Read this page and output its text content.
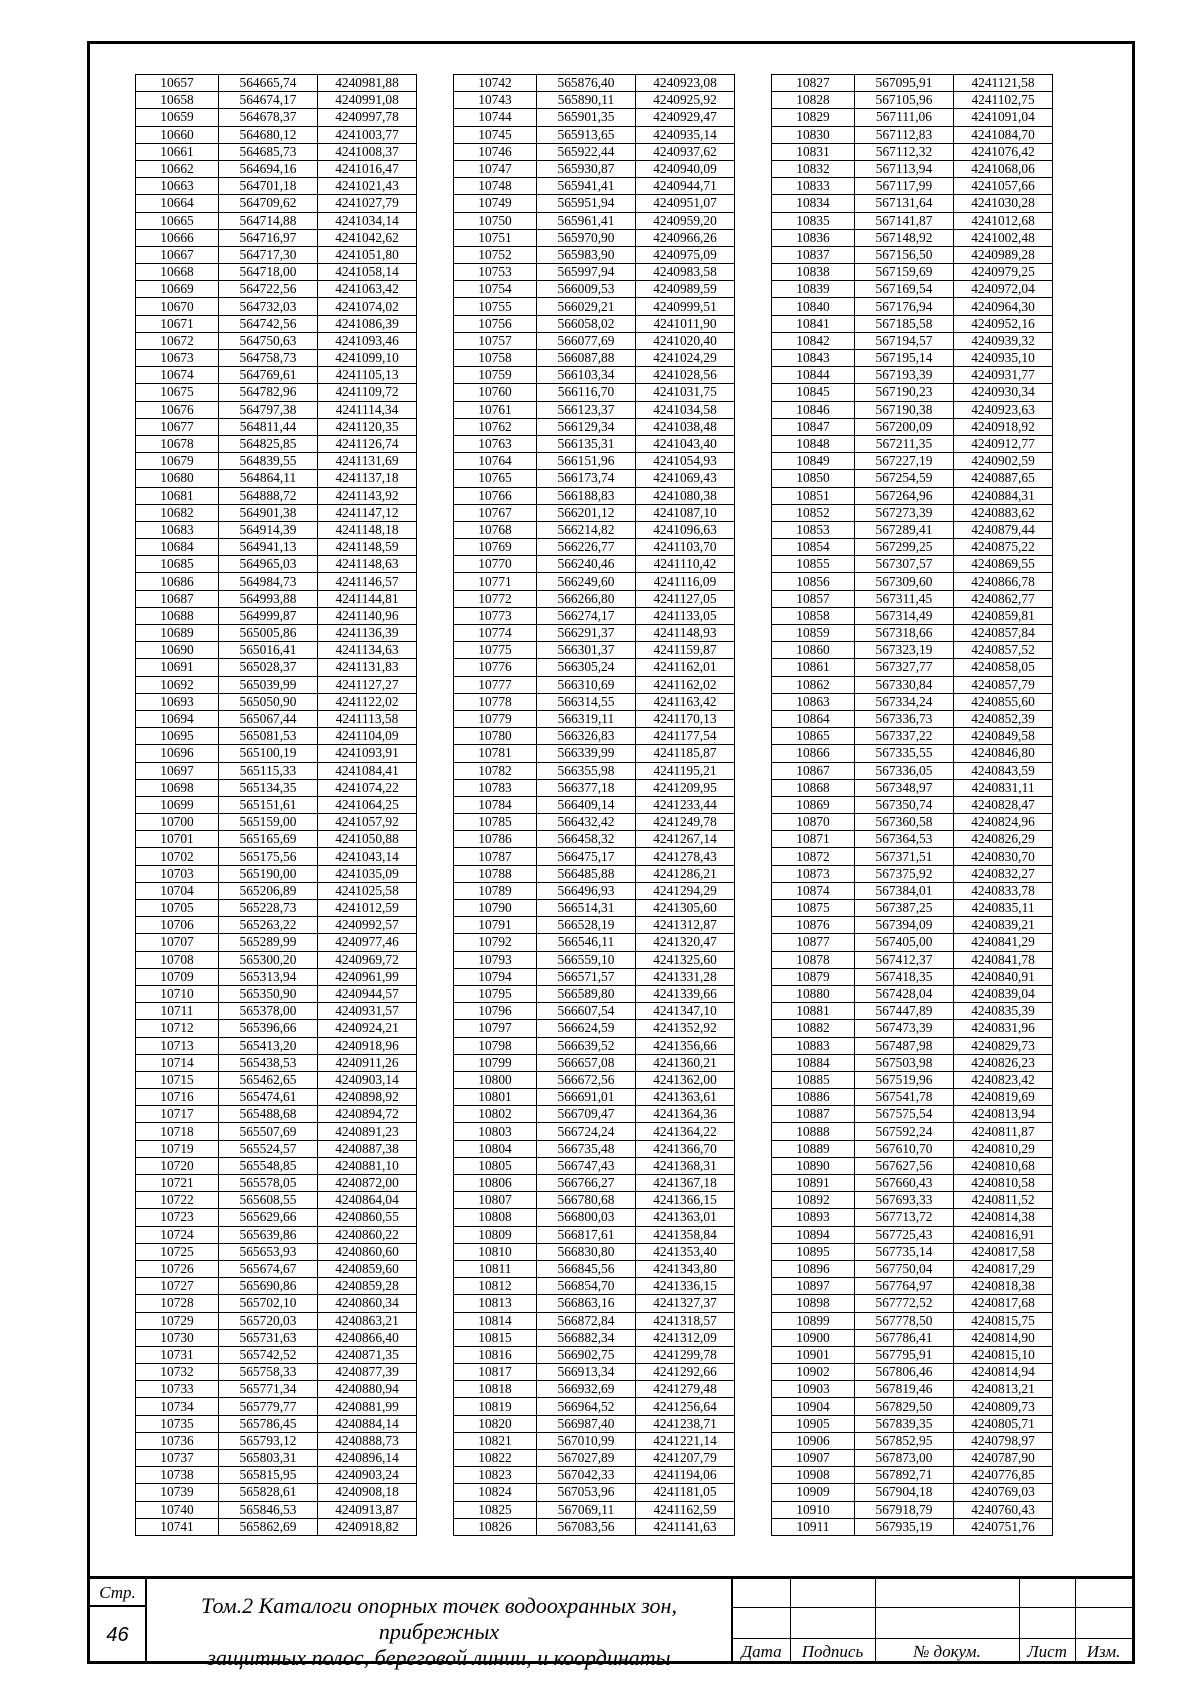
10657	564665,74	4240981,88
10658	564674,17	4240991,08
10659	564678,37	4240997,78
10660	564680,12	4241003,77
10661	564685,73	4241008,37
10662	564694,16	4241016,47
10663	564701,18	4241021,43
10664	564709,62	4241027,79
10665	564714,88	4241034,14
10666	564716,97	4241042,62
10667	564717,30	4241051,80
10668	564718,00	4241058,14
10669	564722,56	4241063,42
10670	564732,03	4241074,02
10671	564742,56	4241086,39
10672	564750,63	4241093,46
10673	564758,73	4241099,10
10674	564769,61	4241105,13
10675	564782,96	4241109,72
10676	564797,38	4241114,34
10677	564811,44	4241120,35
10678	564825,85	4241126,74
10679	564839,55	4241131,69
10680	564864,11	4241137,18
10681	564888,72	4241143,92
10682	564901,38	4241147,12
10683	564914,39	4241148,18
10684	564941,13	4241148,59
10685	564965,03	4241148,63
10686	564984,73	4241146,57
10687	564993,88	4241144,81
10688	564999,87	4241140,96
10689	565005,86	4241136,39
10690	565016,41	4241134,63
10691	565028,37	4241131,83
10692	565039,99	4241127,27
10693	565050,90	4241122,02
10694	565067,44	4241113,58
10695	565081,53	4241104,09
10696	565100,19	4241093,91
10697	565115,33	4241084,41
10698	565134,35	4241074,22
10699	565151,61	4241064,25
10700	565159,00	4241057,92
10701	565165,69	4241050,88
10702	565175,56	4241043,14
10703	565190,00	4241035,09
10704	565206,89	4241025,58
10705	565228,73	4241012,59
10706	565263,22	4240992,57
10707	565289,99	4240977,46
10708	565300,20	4240969,72
10709	565313,94	4240961,99
10710	565350,90	4240944,57
10711	565378,00	4240931,57
10712	565396,66	4240924,21
10713	565413,20	4240918,96
10714	565438,53	4240911,26
10715	565462,65	4240903,14
10716	565474,61	4240898,92
10717	565488,68	4240894,72
10718	565507,69	4240891,23
10719	565524,57	4240887,38
10720	565548,85	4240881,10
10721	565578,05	4240872,00
10722	565608,55	4240864,04
10723	565629,66	4240860,55
10724	565639,86	4240860,22
10725	565653,93	4240860,60
10726	565674,67	4240859,60
10727	565690,86	4240859,28
10728	565702,10	4240860,34
10729	565720,03	4240863,21
10730	565731,63	4240866,40
10731	565742,52	4240871,35
10732	565758,33	4240877,39
10733	565771,34	4240880,94
10734	565779,77	4240881,99
10735	565786,45	4240884,14
10736	565793,12	4240888,73
10737	565803,31	4240896,14
10738	565815,95	4240903,24
10739	565828,61	4240908,18
10740	565846,53	4240913,87
10741	565862,69	4240918,82
10742	565876,40	4240923,08
10743	565890,11	4240925,92
10744	565901,35	4240929,47
10745	565913,65	4240935,14
10746	565922,44	4240937,62
10747	565930,87	4240940,09
10748	565941,41	4240944,71
10749	565951,94	4240951,07
10750	565961,41	4240959,20
10751	565970,90	4240966,26
10752	565983,90	4240975,09
10753	565997,94	4240983,58
10754	566009,53	4240989,59
10755	566029,21	4240999,51
10756	566058,02	4241011,90
10757	566077,69	4241020,40
10758	566087,88	4241024,29
10759	566103,34	4241028,56
10760	566116,70	4241031,75
10761	566123,37	4241034,58
10762	566129,34	4241038,48
10763	566135,31	4241043,40
10764	566151,96	4241054,93
10765	566173,74	4241069,43
10766	566188,83	4241080,38
10767	566201,12	4241087,10
10768	566214,82	4241096,63
10769	566226,77	4241103,70
10770	566240,46	4241110,42
10771	566249,60	4241116,09
10772	566266,80	4241127,05
10773	566274,17	4241133,05
10774	566291,37	4241148,93
10775	566301,37	4241159,87
10776	566305,24	4241162,01
10777	566310,69	4241162,02
10778	566314,55	4241163,42
10779	566319,11	4241170,13
10780	566326,83	4241177,54
10781	566339,99	4241185,87
10782	566355,98	4241195,21
10783	566377,18	4241209,95
10784	566409,14	4241233,44
10785	566432,42	4241249,78
10786	566458,32	4241267,14
10787	566475,17	4241278,43
10788	566485,88	4241286,21
10789	566496,93	4241294,29
10790	566514,31	4241305,60
10791	566528,19	4241312,87
10792	566546,11	4241320,47
10793	566559,10	4241325,60
10794	566571,57	4241331,28
10795	566589,80	4241339,66
10796	566607,54	4241347,10
10797	566624,59	4241352,92
10798	566639,52	4241356,66
10799	566657,08	4241360,21
10800	566672,56	4241362,00
10801	566691,01	4241363,61
10802	566709,47	4241364,36
10803	566724,24	4241364,22
10804	566735,48	4241366,70
10805	566747,43	4241368,31
10806	566766,27	4241367,18
10807	566780,68	4241366,15
10808	566800,03	4241363,01
10809	566817,61	4241358,84
10810	566830,80	4241353,40
10811	566845,56	4241343,80
10812	566854,70	4241336,15
10813	566863,16	4241327,37
10814	566872,84	4241318,57
10815	566882,34	4241312,09
10816	566902,75	4241299,78
10817	566913,34	4241292,66
10818	566932,69	4241279,48
10819	566964,52	4241256,64
10820	566987,40	4241238,71
10821	567010,99	4241221,14
10822	567027,89	4241207,79
10823	567042,33	4241194,06
10824	567053,96	4241181,05
10825	567069,11	4241162,59
10826	567083,56	4241141,63
10827	567095,91	4241121,58
10828	567105,96	4241102,75
10829	567111,06	4241091,04
10830	567112,83	4241084,70
10831	567112,32	4241076,42
10832	567113,94	4241068,06
10833	567117,99	4241057,66
10834	567131,64	4241030,28
10835	567141,87	4241012,68
10836	567148,92	4241002,48
10837	567156,50	4240989,28
10838	567159,69	4240979,25
10839	567169,54	4240972,04
10840	567176,94	4240964,30
10841	567185,58	4240952,16
10842	567194,57	4240939,32
10843	567195,14	4240935,10
10844	567193,39	4240931,77
10845	567190,23	4240930,34
10846	567190,38	4240923,63
10847	567200,09	4240918,92
10848	567211,35	4240912,77
10849	567227,19	4240902,59
10850	567254,59	4240887,65
10851	567264,96	4240884,31
10852	567273,39	4240883,62
10853	567289,41	4240879,44
10854	567299,25	4240875,22
10855	567307,57	4240869,55
10856	567309,60	4240866,78
10857	567311,45	4240862,77
10858	567314,49	4240859,81
10859	567318,66	4240857,84
10860	567323,19	4240857,52
10861	567327,77	4240858,05
10862	567330,84	4240857,79
10863	567334,24	4240855,60
10864	567336,73	4240852,39
10865	567337,22	4240849,58
10866	567335,55	4240846,80
10867	567336,05	4240843,59
10868	567348,97	4240831,11
10869	567350,74	4240828,47
10870	567360,58	4240824,96
10871	567364,53	4240826,29
10872	567371,51	4240830,70
10873	567375,92	4240832,27
10874	567384,01	4240833,78
10875	567387,25	4240835,11
10876	567394,09	4240839,21
10877	567405,00	4240841,29
10878	567412,37	4240841,78
10879	567418,35	4240840,91
10880	567428,04	4240839,04
10881	567447,89	4240835,39
10882	567473,39	4240831,96
10883	567487,98	4240829,73
10884	567503,98	4240826,23
10885	567519,96	4240823,42
10886	567541,78	4240819,69
10887	567575,54	4240813,94
10888	567592,24	4240811,87
10889	567610,70	4240810,29
10890	567627,56	4240810,68
10891	567660,43	4240810,58
10892	567693,33	4240811,52
10893	567713,72	4240814,38
10894	567725,43	4240816,91
10895	567735,14	4240817,58
10896	567750,04	4240817,29
10897	567764,97	4240818,38
10898	567772,52	4240817,68
10899	567778,50	4240815,75
10900	567786,41	4240814,90
10901	567795,91	4240815,10
10902	567806,46	4240814,94
10903	567819,46	4240813,21
10904	567829,50	4240809,73
10905	567839,35	4240805,71
10906	567852,95	4240798,97
10907	567873,00	4240787,90
10908	567892,71	4240776,85
10909	567904,18	4240769,03
10910	567918,79	4240760,43
10911	567935,19	4240751,76
Стр.
46
Том.2 Каталоги опорных точек водоохранных зон, прибрежных
защитных полос, береговой линии, и координаты	Дата	Подпись	№ докум.	Лист	Изм.
